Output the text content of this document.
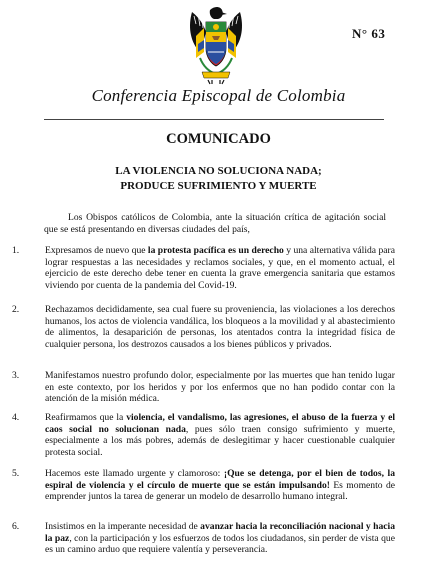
N° 63
Conferencia Episcopal de Colombia
COMUNICADO
LA VIOLENCIA NO SOLUCIONA NADA;
PRODUCE SUFRIMIENTO Y MUERTE
Los Obispos católicos de Colombia, ante la situación crítica de agitación social que se está presentando en diversas ciudades del país,
1.	Expresamos de nuevo que la protesta pacífica es un derecho y una alternativa válida para lograr respuestas a las necesidades y reclamos sociales, y que, en el momento actual, el ejercicio de este derecho debe tener en cuenta la grave emergencia sanitaria que estamos viviendo por cuenta de la pandemia del Covid-19.
2.	Rechazamos decididamente, sea cual fuere su proveniencia, las violaciones a los derechos humanos, los actos de violencia vandálica, los bloqueos a la movilidad y al abastecimiento de alimentos, la desaparición de personas, los atentados contra la integridad física de cualquier persona, los destrozos causados a los bienes públicos y privados.
3.	Manifestamos nuestro profundo dolor, especialmente por las muertes que han tenido lugar en este contexto, por los heridos y por los enfermos que no han podido contar con la atención de la misión médica.
4.	Reafirmamos que la violencia, el vandalismo, las agresiones, el abuso de la fuerza y el caos social no solucionan nada, pues sólo traen consigo sufrimiento y muerte, especialmente a los más pobres, además de deslegitimar y hacer cuestionable cualquier protesta social.
5.	Hacemos este llamado urgente y clamoroso: ¡Que se detenga, por el bien de todos, la espiral de violencia y el círculo de muerte que se están impulsando! Es momento de emprender juntos la tarea de generar un modelo de desarrollo humano integral.
6.	Insistimos en la imperante necesidad de avanzar hacia la reconciliación nacional y hacia la paz, con la participación y los esfuerzos de todos los ciudadanos, sin perder de vista que es un camino arduo que requiere valentía y perseverancia.
